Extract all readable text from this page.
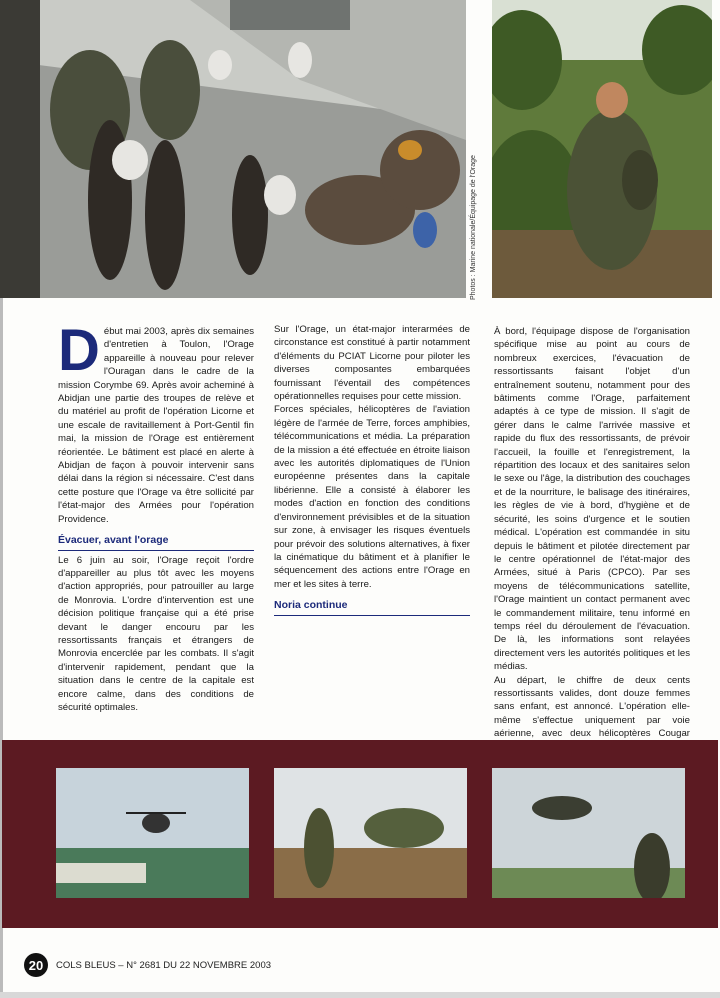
Photos : Marine nationale/Équipage de l'Orage

Début mai 2003, après dix semaines d'entretien à Toulon, l'Orage appareille à nouveau pour relever l'Ouragan dans le cadre de la mission Corymbe 69. Après avoir acheminé à Abidjan une partie des troupes de relève et du matériel au profit de l'opération Licorne et une escale de ravitaillement à Port-Gentil fin mai, la mission de l'Orage est entièrement réorientée. Le bâtiment est placé en alerte à Abidjan de façon à pouvoir intervenir sans délai dans la région si nécessaire. C'est dans cette posture que l'Orage va être sollicité par l'état-major des Armées pour l'opération Providence.

Évacuer, avant l'orage

Le 6 juin au soir, l'Orage reçoit l'ordre d'appareiller au plus tôt avec les moyens d'action appropriés, pour patrouiller au large de Monrovia. L'ordre d'intervention est une décision politique française qui a été prise devant le danger encouru par les ressortissants français et étrangers de Monrovia encerclée par les combats. Il s'agit d'intervenir rapidement, pendant que la situation dans le centre de la capitale est encore calme, dans des conditions de sécurité optimales.

Sur l'Orage, un état-major interarmées de circonstance est constitué à partir notamment d'éléments du PCIAT Licorne pour piloter les diverses composantes embarquées fournissant l'éventail des compétences opérationnelles requises pour cette mission.

Forces spéciales, hélicoptères de l'aviation légère de l'armée de Terre, forces amphibies, télécommunications et média. La préparation de la mission a été effectuée en étroite liaison avec les autorités diplomatiques de l'Union européenne présentes dans la capitale libérienne. Elle a consisté à élaborer les modes d'action en fonction des conditions d'environnement prévisibles et de la situation sur zone, à envisager les risques éventuels pour prévoir des solutions alternatives, à fixer la cinématique du bâtiment et à planifier le séquencement des actions entre l'Orage en mer et les sites à terre.

Noria continue

À bord, l'équipage dispose de l'organisation spécifique mise au point au cours de nombreux exercices, l'évacuation de ressortissants faisant l'objet d'un entraînement soutenu, notamment pour des bâtiments comme l'Orage, parfaitement adaptés à ce type de mission. Il s'agit de gérer dans le calme l'arrivée massive et rapide du flux des ressortissants, de prévoir l'accueil, la fouille et l'enregistrement, la répartition des locaux et des sanitaires selon le sexe ou l'âge, la distribution des couchages et de la nourriture, le balisage des itinéraires, les règles de vie à bord, d'hygiène et de sécurité, les soins d'urgence et le soutien médical. L'opération est commandée in situ depuis le bâtiment et pilotée directement par le centre opérationnel de l'état-major des Armées, situé à Paris (CPCO). Par ses moyens de télécommunications satellite, l'Orage maintient un contact permanent avec le commandement militaire, tenu informé en temps réel du déroulement de l'évacuation. De là, les informations sont relayées directement vers les autorités politiques et les médias.

Au départ, le chiffre de deux cents ressortissants valides, dont douze femmes sans enfant, est annoncé. L'opération elle-même s'effectue uniquement par voie aérienne, avec deux hélicoptères Cougar

20	COLS BLEUS – N° 2681 DU 22 NOVEMBRE 2003
